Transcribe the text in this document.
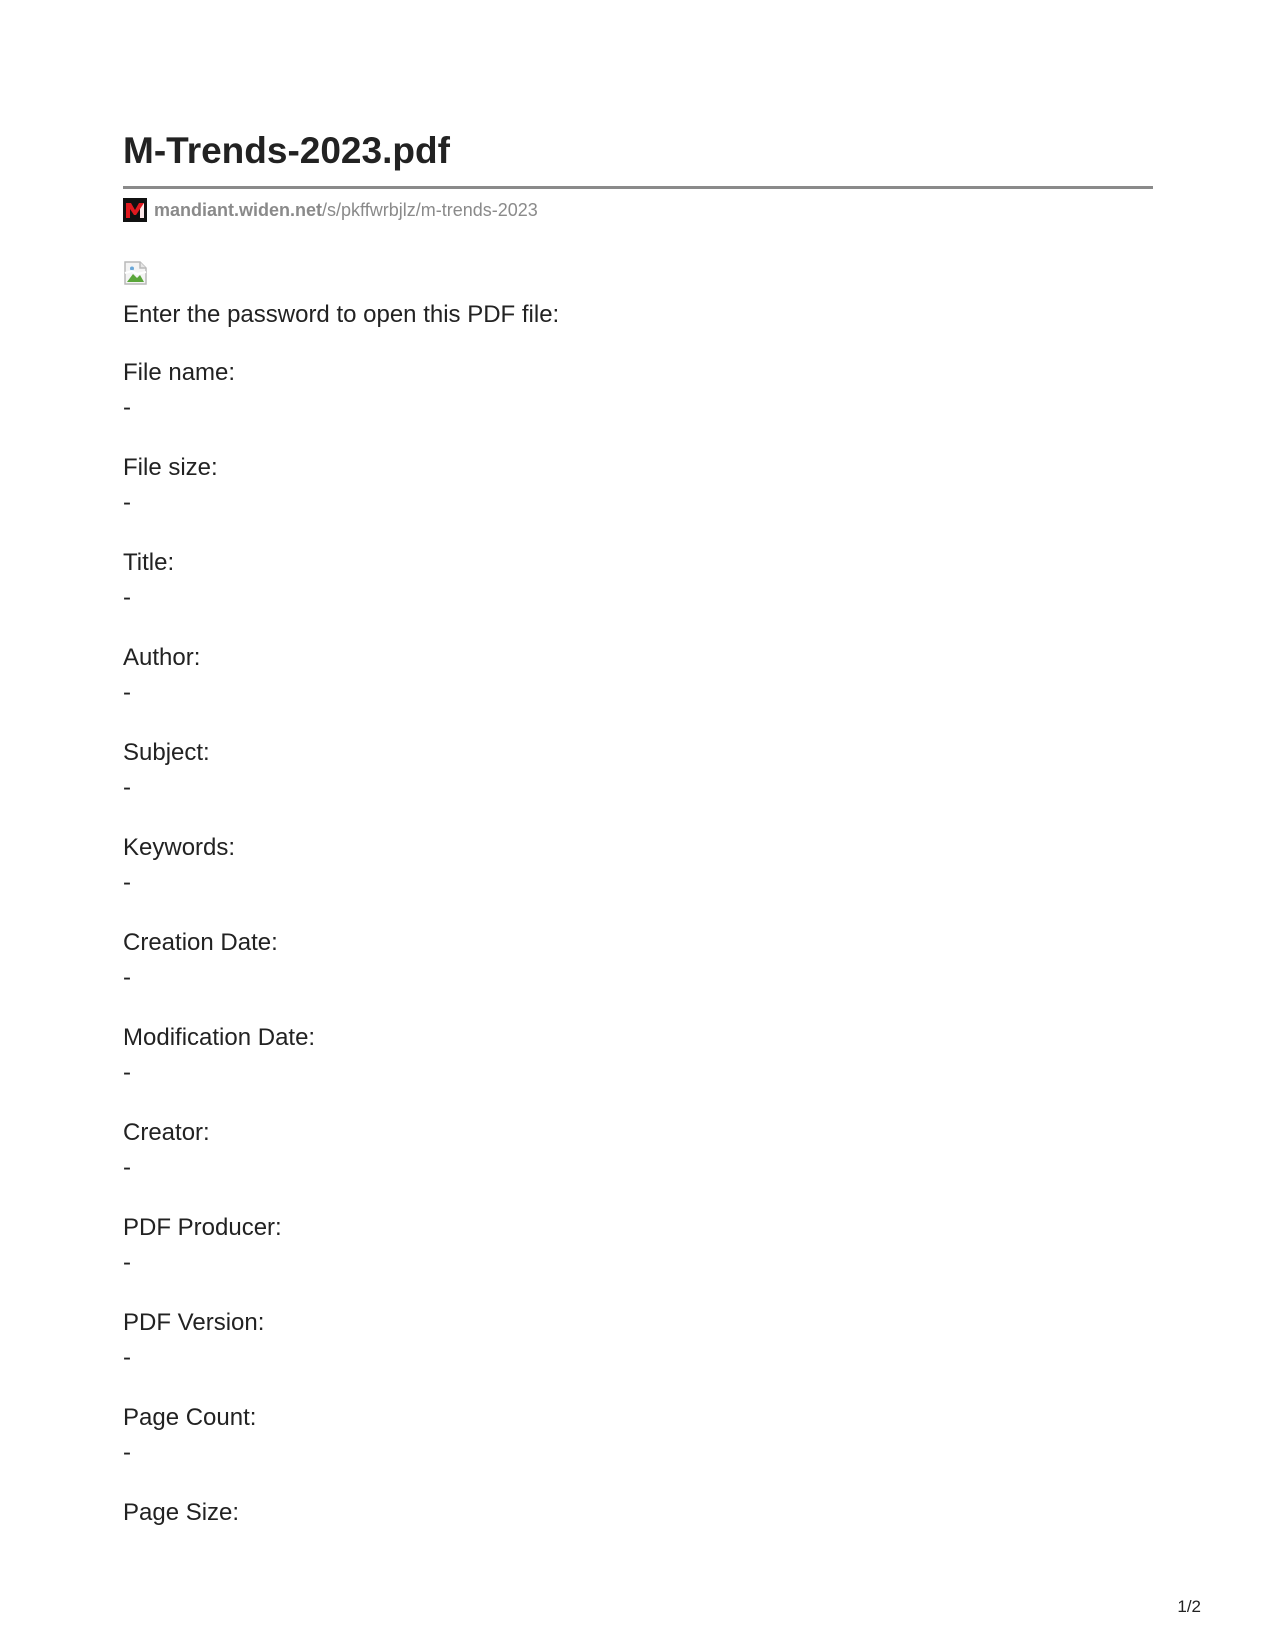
M-Trends-2023.pdf
mandiant.widen.net /s/pkffwrbjlz/m-trends-2023
Enter the password to open this PDF file:
File name:
-
File size:
-
Title:
-
Author:
-
Subject:
-
Keywords:
-
Creation Date:
-
Modification Date:
-
Creator:
-
PDF Producer:
-
PDF Version:
-
Page Count:
-
Page Size:
1/2
